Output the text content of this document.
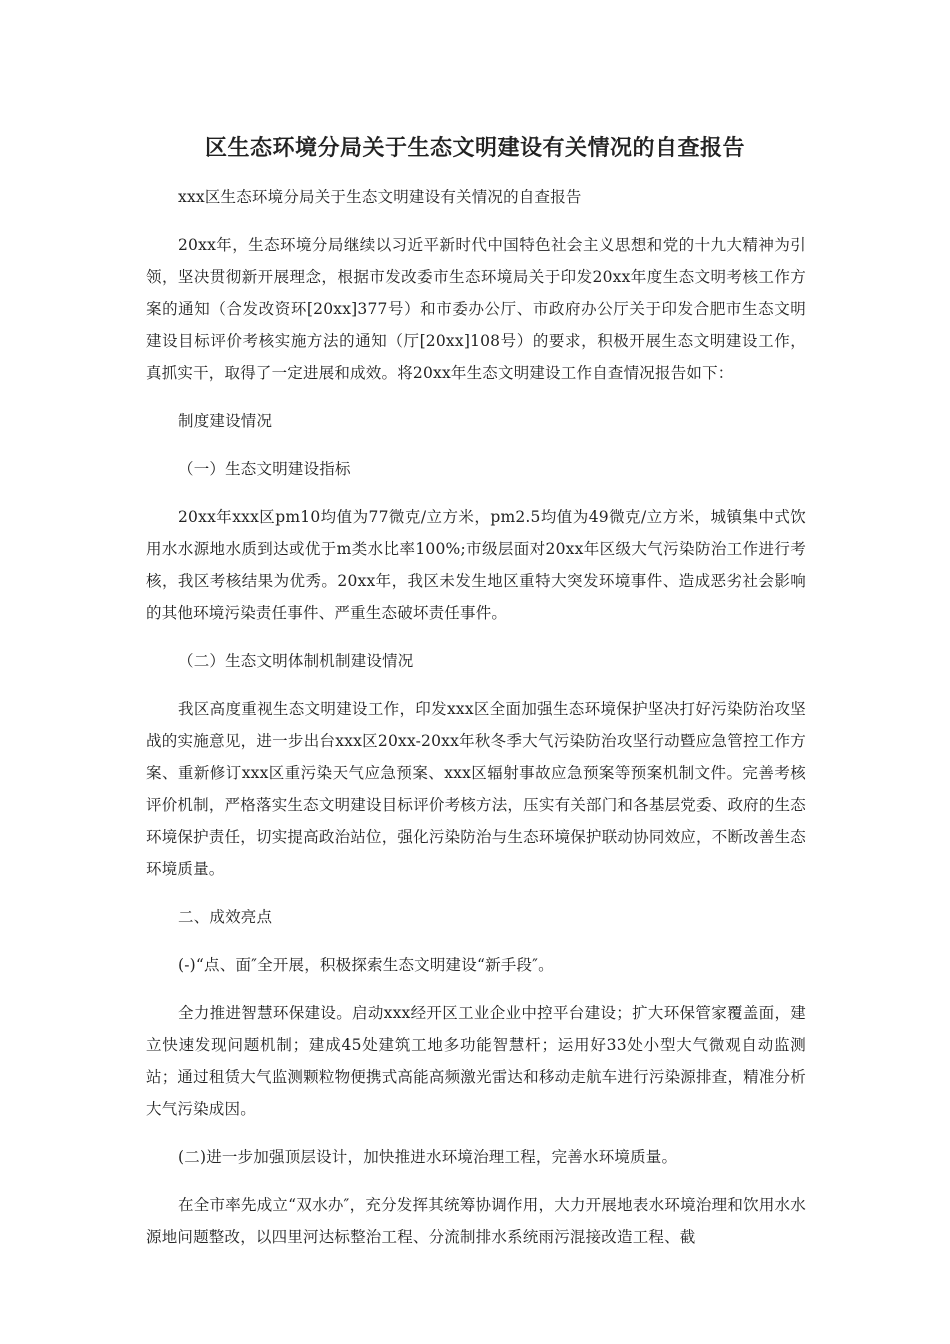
区生态环境分局关于生态文明建设有关情况的自查报告

xxx区生态环境分局关于生态文明建设有关情况的自查报告

20xx年，生态环境分局继续以习近平新时代中国特色社会主义思想和党的十九大精神为引领，坚决贯彻新开展理念，根据市发改委市生态环境局关于印发20xx年度生态文明考核工作方案的通知（合发改资环[20xx]377号）和市委办公厅、市政府办公厅关于印发合肥市生态文明建设目标评价考核实施方法的通知（厅[20xx]108号）的要求，积极开展生态文明建设工作，真抓实干，取得了一定进展和成效。将20xx年生态文明建设工作自查情况报告如下：

制度建设情况

（一）生态文明建设指标

20xx年xxx区pm10均值为77微克/立方米，pm2.5均值为49微克/立方米，城镇集中式饮用水水源地水质到达或优于m类水比率100%;市级层面对20xx年区级大气污染防治工作进行考核，我区考核结果为优秀。20xx年，我区未发生地区重特大突发环境事件、造成恶劣社会影响的其他环境污染责任事件、严重生态破坏责任事件。

（二）生态文明体制机制建设情况

我区高度重视生态文明建设工作，印发xxx区全面加强生态环境保护坚决打好污染防治攻坚战的实施意见，进一步出台xxx区20xx-20xx年秋冬季大气污染防治攻坚行动暨应急管控工作方案、重新修订xxx区重污染天气应急预案、xxx区辐射事故应急预案等预案机制文件。完善考核评价机制，严格落实生态文明建设目标评价考核方法，压实有关部门和各基层党委、政府的生态环境保护责任，切实提高政治站位，强化污染防治与生态环境保护联动协同效应，不断改善生态环境质量。

二、成效亮点

(-)“点、面″全开展，积极探索生态文明建设“新手段″。

全力推进智慧环保建设。启动xxx经开区工业企业中控平台建设；扩大环保管家覆盖面，建立快速发现问题机制；建成45处建筑工地多功能智慧杆；运用好33处小型大气微观自动监测站；通过租赁大气监测颗粒物便携式高能高频激光雷达和移动走航车进行污染源排查，精准分析大气污染成因。

(二)进一步加强顶层设计，加快推进水环境治理工程，完善水环境质量。

在全市率先成立“双水办″，充分发挥其统筹协调作用，大力开展地表水环境治理和饮用水水源地问题整改，以四里河达标整治工程、分流制排水系统雨污混接改造工程、截
